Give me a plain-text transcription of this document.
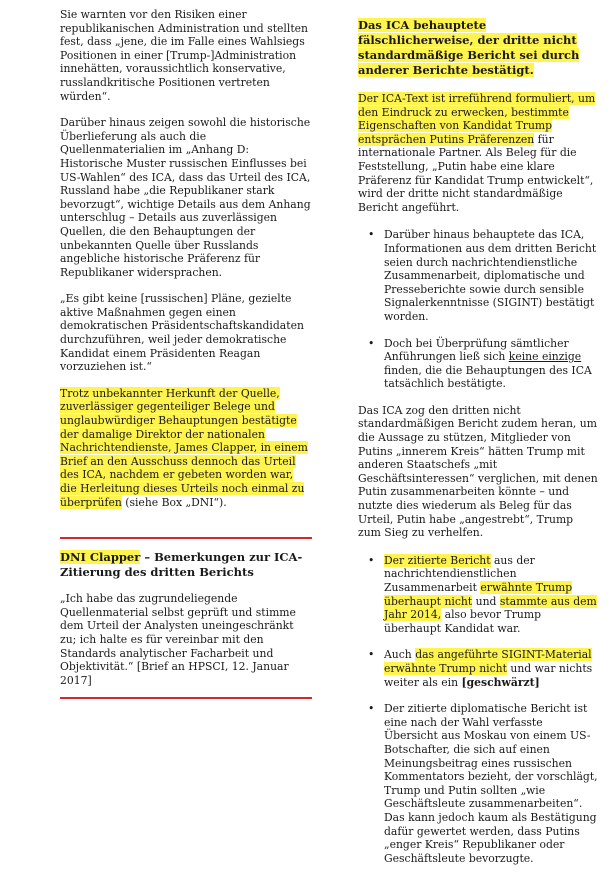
Sie warnten vor den Risiken einer republikanischen Administration und stellten fest, dass „jene, die im Falle eines Wahlsiegs Positionen in einer [Trump-]Administration innehätten, voraussichtlich konservative, russlandkritische Positionen vertreten würden“.

Darüber hinaus zeigen sowohl die historische Überlieferung als auch die Quellenmaterialien im „Anhang D: Historische Muster russischen Einflusses bei US-Wahlen“ des ICA, dass das Urteil des ICA, Russland habe „die Republikaner stark bevorzugt“, wichtige Details aus dem Anhang unterschlug – Details aus zuverlässigen Quellen, die den Behauptungen der unbekannten Quelle über Russlands angebliche historische Präferenz für Republikaner widersprachen.

„Es gibt keine [russischen] Pläne, gezielte aktive Maßnahmen gegen einen demokratischen Präsidentschaftskandidaten durchzuführen, weil jeder demokratische Kandidat einem Präsidenten Reagan vorzuziehen ist.“

Trotz unbekannter Herkunft der Quelle, zuverlässiger gegenteiliger Belege und unglaubwürdiger Behauptungen bestätigte der damalige Direktor der nationalen Nachrichtendienste, James Clapper, in einem Brief an den Ausschuss dennoch das Urteil des ICA, nachdem er gebeten worden war, die Herleitung dieses Urteils noch einmal zu überprüfen (siehe Box „DNI“).

DNI Clapper – Bemerkungen zur ICA-Zitierung des dritten Berichts

„Ich habe das zugrundeliegende Quellenmaterial selbst geprüft und stimme dem Urteil der Analysten uneingeschränkt zu; ich halte es für vereinbar mit den Standards analytischer Facharbeit und Objektivität.“ [Brief an HPSCI, 12. Januar 2017]

Das ICA behauptete fälschlicherweise, der dritte nicht standardmäßige Bericht sei durch anderer Berichte bestätigt.

Der ICA-Text ist irreführend formuliert, um den Eindruck zu erwecken, bestimmte Eigenschaften von Kandidat Trump entsprächen Putins Präferenzen für internationale Partner. Als Beleg für die Feststellung, „Putin habe eine klare Präferenz für Kandidat Trump entwickelt“, wird der dritte nicht standardmäßige Bericht angeführt.

• Darüber hinaus behauptete das ICA, Informationen aus dem dritten Bericht seien durch nachrichtendienstliche Zusammenarbeit, diplomatische und Presseberichte sowie durch sensible Signalerkenntnisse (SIGINT) bestätigt worden.
• Doch bei Überprüfung sämtlicher Anführungen ließ sich keine einzige finden, die die Behauptungen des ICA tatsächlich bestätigte.

Das ICA zog den dritten nicht standardmäßigen Bericht zudem heran, um die Aussage zu stützen, Mitglieder von Putins „innerem Kreis“ hätten Trump mit anderen Staatschefs „mit Geschäftsinteressen“ verglichen, mit denen Putin zusammenarbeiten könnte – und nutzte dies wiederum als Beleg für das Urteil, Putin habe „angestrebt“, Trump zum Sieg zu verhelfen.

• Der zitierte Bericht aus der nachrichtendienstlichen Zusammenarbeit erwähnte Trump überhaupt nicht und stammte aus dem Jahr 2014, also bevor Trump überhaupt Kandidat war.
• Auch das angeführte SIGINT-Material erwähnte Trump nicht und war nichts weiter als ein [geschwärzt]
• Der zitierte diplomatische Bericht ist eine nach der Wahl verfasste Übersicht aus Moskau von einem US-Botschafter, die sich auf einen Meinungsbeitrag eines russischen Kommentators bezieht, der vorschlägt, Trump und Putin sollten „wie Geschäftsleute zusammenarbeiten“. Das kann jedoch kaum als Bestätigung dafür gewertet werden, dass Putins „enger Kreis“ Republikaner oder Geschäftsleute bevorzugte.
